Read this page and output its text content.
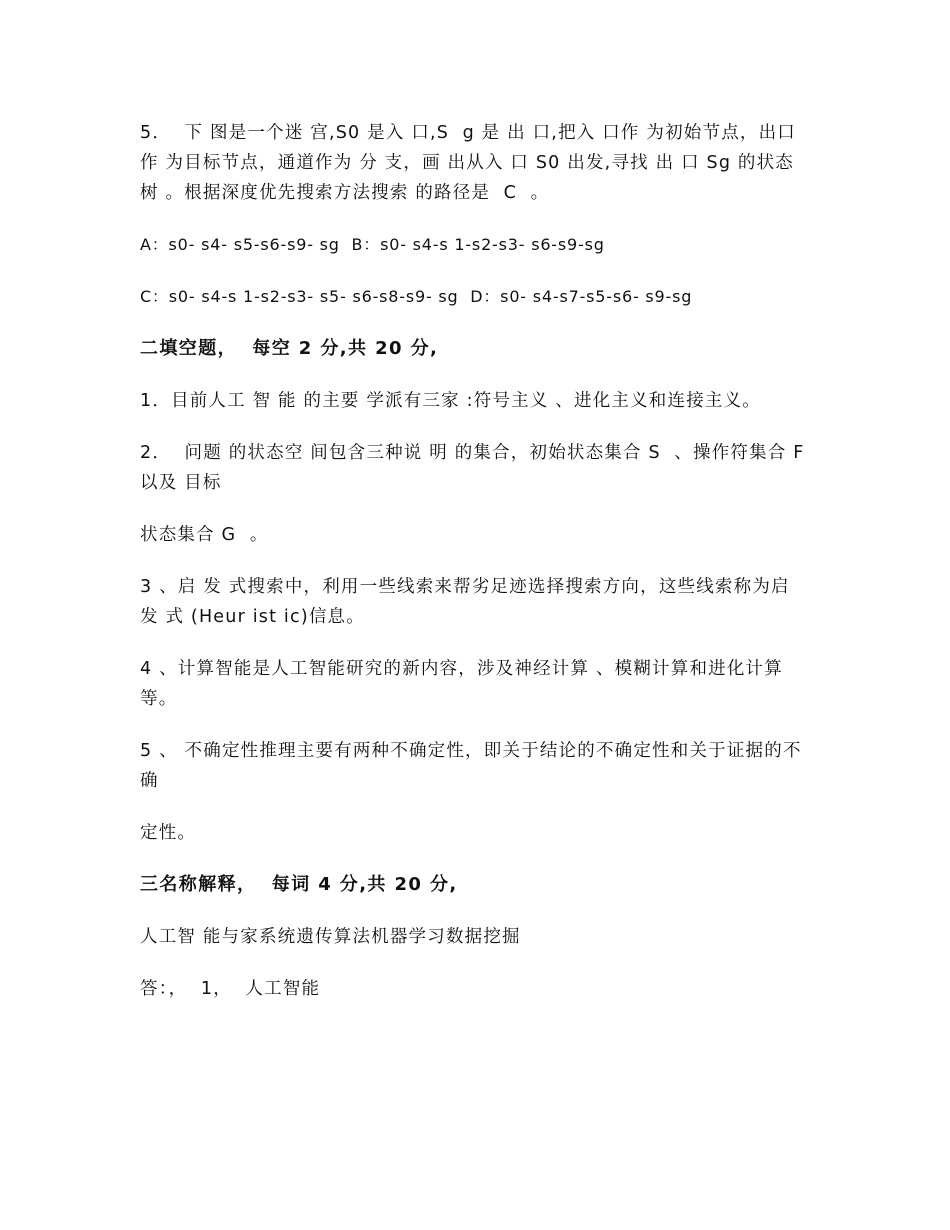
5．  下 图是一个迷 宫,S0 是入 口,S  g 是 出 口,把入 口作 为初始节点，出口作 为目标节点，通道作为 分 支，画 出从入 口 S0 出发,寻找 出 口 Sg 的状态树 。根据深度优先搜索方法搜索 的路径是  C  。

A：s0- s4- s5-s6-s9- sg  B：s0- s4-s 1-s2-s3- s6-s9-sg

C：s0- s4-s 1-s2-s3- s5- s6-s8-s9- sg  D：s0- s4-s7-s5-s6- s9-sg

二填空题，  每空 2 分,共 20 分,

1．目前人工 智 能 的主要 学派有三家 :符号主义 、进化主义和连接主义。

2．  问题 的状态空 间包含三种说 明 的集合，初始状态集合 S  、操作符集合 F 以及 目标

状态集合 G  。

3 、启 发 式搜索中，利用一些线索来帮劣足迹选择搜索方向，这些线索称为启 发 式 (Heur ist ic)信息。

4 、计算智能是人工智能研究的新内容，涉及神经计算 、模糊计算和进化计算等。

5 、 不确定性推理主要有两种不确定性，即关于结论的不确定性和关于证据的不确

定性。

三名称解释，  每词 4 分,共 20 分,

人工智 能与家系统遗传算法机器学习数据挖掘

答：，  1，  人工智能
